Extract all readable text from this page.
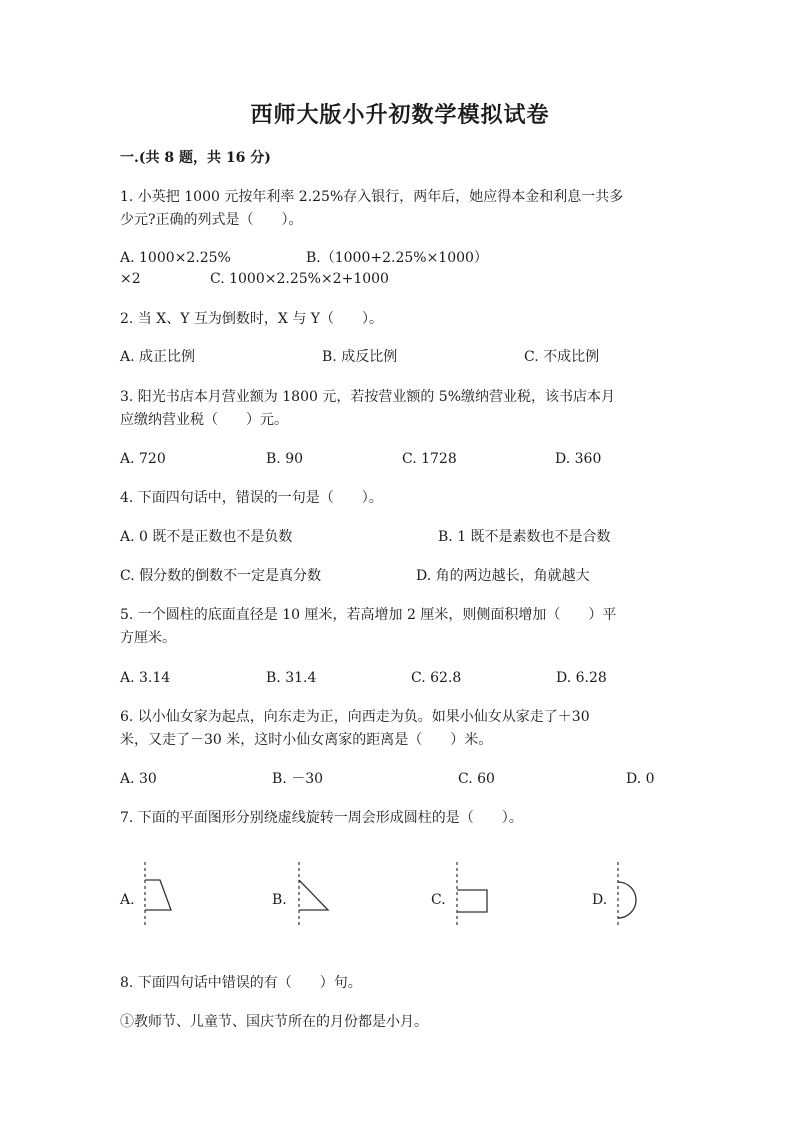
西师大版小升初数学模拟试卷
一.(共 8 题，共 16 分)
1. 小英把 1000 元按年利率 2.25%存入银行，两年后，她应得本金和利息一共多
少元?正确的列式是（　　）。
A. 1000×2.25%	B.（1000+2.25%×1000）
×2	C. 1000×2.25%×2+1000
2. 当 X、Y 互为倒数时，X 与 Y（　　）。
A. 成正比例	B. 成反比例	C. 不成比例
3. 阳光书店本月营业额为 1800 元，若按营业额的 5%缴纳营业税，该书店本月
应缴纳营业税（　　）元。
A. 720	B. 90	C. 1728	D. 360
4. 下面四句话中，错误的一句是（　　）。
A. 0 既不是正数也不是负数	B. 1 既不是素数也不是合数
C. 假分数的倒数不一定是真分数	D. 角的两边越长，角就越大
5. 一个圆柱的底面直径是 10 厘米，若高增加 2 厘米，则侧面积增加（　　）平
方厘米。
A. 3.14	B. 31.4	C. 62.8	D. 6.28
6. 以小仙女家为起点，向东走为正，向西走为负。如果小仙女从家走了＋30
米，又走了－30 米，这时小仙女离家的距离是（　　）米。
A. 30	B. －30	C. 60	D. 0
7. 下面的平面图形分别绕虚线旋转一周会形成圆柱的是（　　）。
A.	B.	C.	D.
8. 下面四句话中错误的有（　　）句。
①教师节、儿童节、国庆节所在的月份都是小月。
